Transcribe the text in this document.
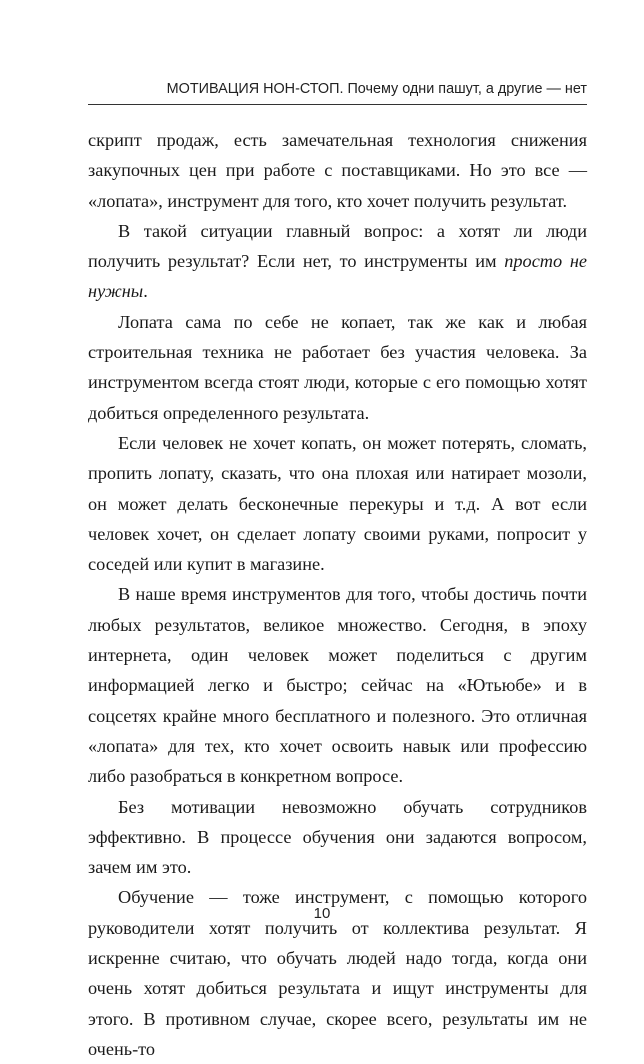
МОТИВАЦИЯ НОН-СТОП. Почему одни пашут, а другие — нет

скрипт продаж, есть замечательная технология снижения закупочных цен при работе с поставщиками. Но это все — «лопата», инструмент для того, кто хочет получить результат.

В такой ситуации главный вопрос: а хотят ли люди получить результат? Если нет, то инструменты им просто не нужны.

Лопата сама по себе не копает, так же как и любая строительная техника не работает без участия человека. За инструментом всегда стоят люди, которые с его помощью хотят добиться определенного результата.

Если человек не хочет копать, он может потерять, сломать, пропить лопату, сказать, что она плохая или натирает мозоли, он может делать бесконечные перекуры и т.д. А вот если человек хочет, он сделает лопату своими руками, попросит у соседей или купит в магазине.

В наше время инструментов для того, чтобы достичь почти любых результатов, великое множество. Сегодня, в эпоху интернета, один человек может поделиться с другим информацией легко и быстро; сейчас на «Ютьюбе» и в соцсетях крайне много бесплатного и полезного. Это отличная «лопата» для тех, кто хочет освоить навык или профессию либо разобраться в конкретном вопросе.

Без мотивации невозможно обучать сотрудников эффективно. В процессе обучения они задаются вопросом, зачем им это.

Обучение — тоже инструмент, с помощью которого руководители хотят получить от коллектива результат. Я искренне считаю, что обучать людей надо тогда, когда они очень хотят добиться результата и ищут инструменты для этого. В противном случае, скорее всего, результаты им не очень-то

10
